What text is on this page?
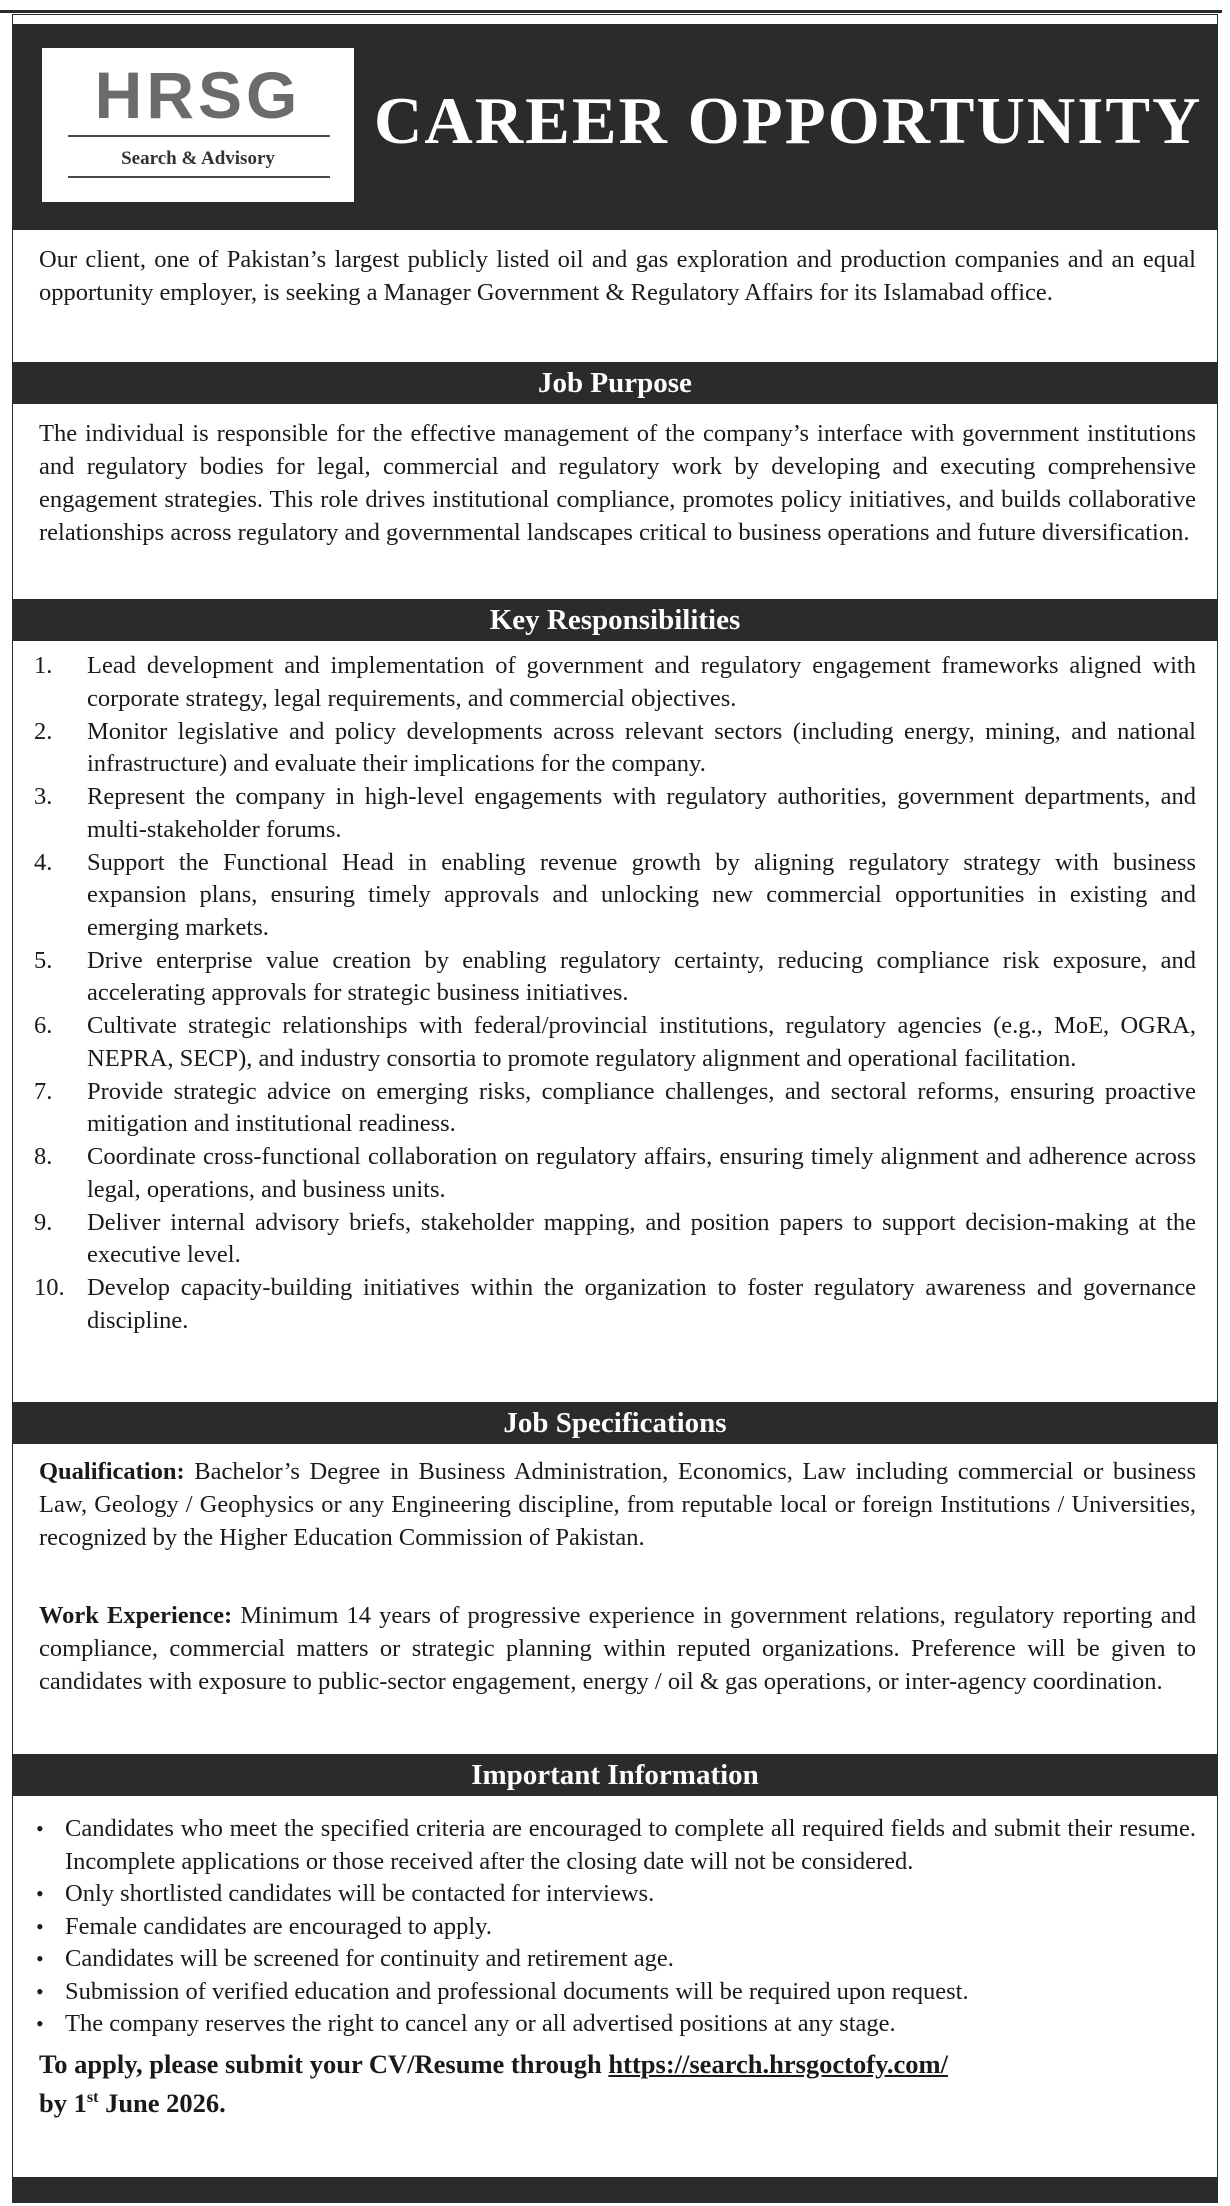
HRSG
Search & Advisory
CAREER OPPORTUNITY

Our client, one of Pakistan’s largest publicly listed oil and gas exploration and production companies and an equal opportunity employer, is seeking a Manager Government & Regulatory Affairs for its Islamabad office.

Job Purpose

The individual is responsible for the effective management of the company’s interface with government institutions and regulatory bodies for legal, commercial and regulatory work by developing and executing comprehensive engagement strategies. This role drives institutional compliance, promotes policy initiatives, and builds collaborative relationships across regulatory and governmental landscapes critical to business operations and future diversification.

Key Responsibilities
1. Lead development and implementation of government and regulatory engagement frameworks aligned with corporate strategy, legal requirements, and commercial objectives.
2. Monitor legislative and policy developments across relevant sectors (including energy, mining, and national infrastructure) and evaluate their implications for the company.
3. Represent the company in high-level engagements with regulatory authorities, government departments, and multi-stakeholder forums.
4. Support the Functional Head in enabling revenue growth by aligning regulatory strategy with business expansion plans, ensuring timely approvals and unlocking new commercial opportunities in existing and emerging markets.
5. Drive enterprise value creation by enabling regulatory certainty, reducing compliance risk exposure, and accelerating approvals for strategic business initiatives.
6. Cultivate strategic relationships with federal/provincial institutions, regulatory agencies (e.g., MoE, OGRA, NEPRA, SECP), and industry consortia to promote regulatory alignment and operational facilitation.
7. Provide strategic advice on emerging risks, compliance challenges, and sectoral reforms, ensuring proactive mitigation and institutional readiness.
8. Coordinate cross-functional collaboration on regulatory affairs, ensuring timely alignment and adherence across legal, operations, and business units.
9. Deliver internal advisory briefs, stakeholder mapping, and position papers to support decision-making at the executive level.
10. Develop capacity-building initiatives within the organization to foster regulatory awareness and governance discipline.
Job Specifications

Qualification: Bachelor’s Degree in Business Administration, Economics, Law including commercial or business Law, Geology / Geophysics or any Engineering discipline, from reputable local or foreign Institutions / Universities, recognized by the Higher Education Commission of Pakistan.

Work Experience: Minimum 14 years of progressive experience in government relations, regulatory reporting and compliance, commercial matters or strategic planning within reputed organizations. Preference will be given to candidates with exposure to public-sector engagement, energy / oil & gas operations, or inter-agency coordination.

Important Information
• Candidates who meet the specified criteria are encouraged to complete all required fields and submit their resume. Incomplete applications or those received after the closing date will not be considered.
• Only shortlisted candidates will be contacted for interviews.
• Female candidates are encouraged to apply.
• Candidates will be screened for continuity and retirement age.
• Submission of verified education and professional documents will be required upon request.
• The company reserves the right to cancel any or all advertised positions at any stage.

To apply, please submit your CV/Resume through https://search.hrsgoctofy.com/
by 1st June 2026.
